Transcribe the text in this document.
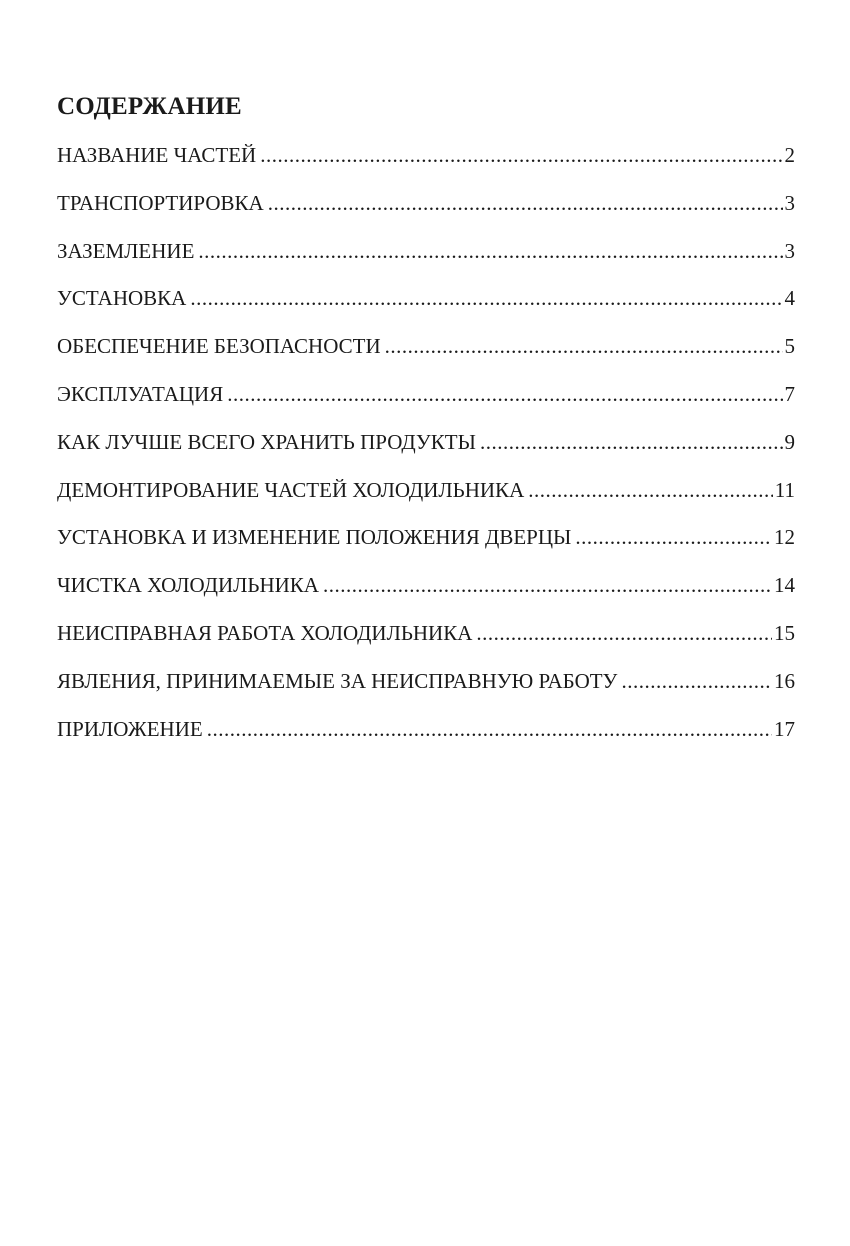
СОДЕРЖАНИЕ
НАЗВАНИЕ ЧАСТЕЙ .....	2
ТРАНСПОРТИРОВКА .....	3
ЗАЗЕМЛЕНИЕ .....	3
УСТАНОВКА .....	4
ОБЕСПЕЧЕНИЕ БЕЗОПАСНОСТИ .....	5
ЭКСПЛУАТАЦИЯ .....	7
КАК ЛУЧШЕ ВСЕГО ХРАНИТЬ ПРОДУКТЫ .....	9
ДЕМОНТИРОВАНИЕ ЧАСТЕЙ ХОЛОДИЛЬНИКА .....	11
УСТАНОВКА И ИЗМЕНЕНИЕ ПОЛОЖЕНИЯ ДВЕРЦЫ .....	12
ЧИСТКА ХОЛОДИЛЬНИКА .....	14
НЕИСПРАВНАЯ РАБОТА ХОЛОДИЛЬНИКА .....	15
ЯВЛЕНИЯ, ПРИНИМАЕМЫЕ ЗА НЕИСПРАВНУЮ РАБОТУ .....	16
ПРИЛОЖЕНИЕ .....	17
